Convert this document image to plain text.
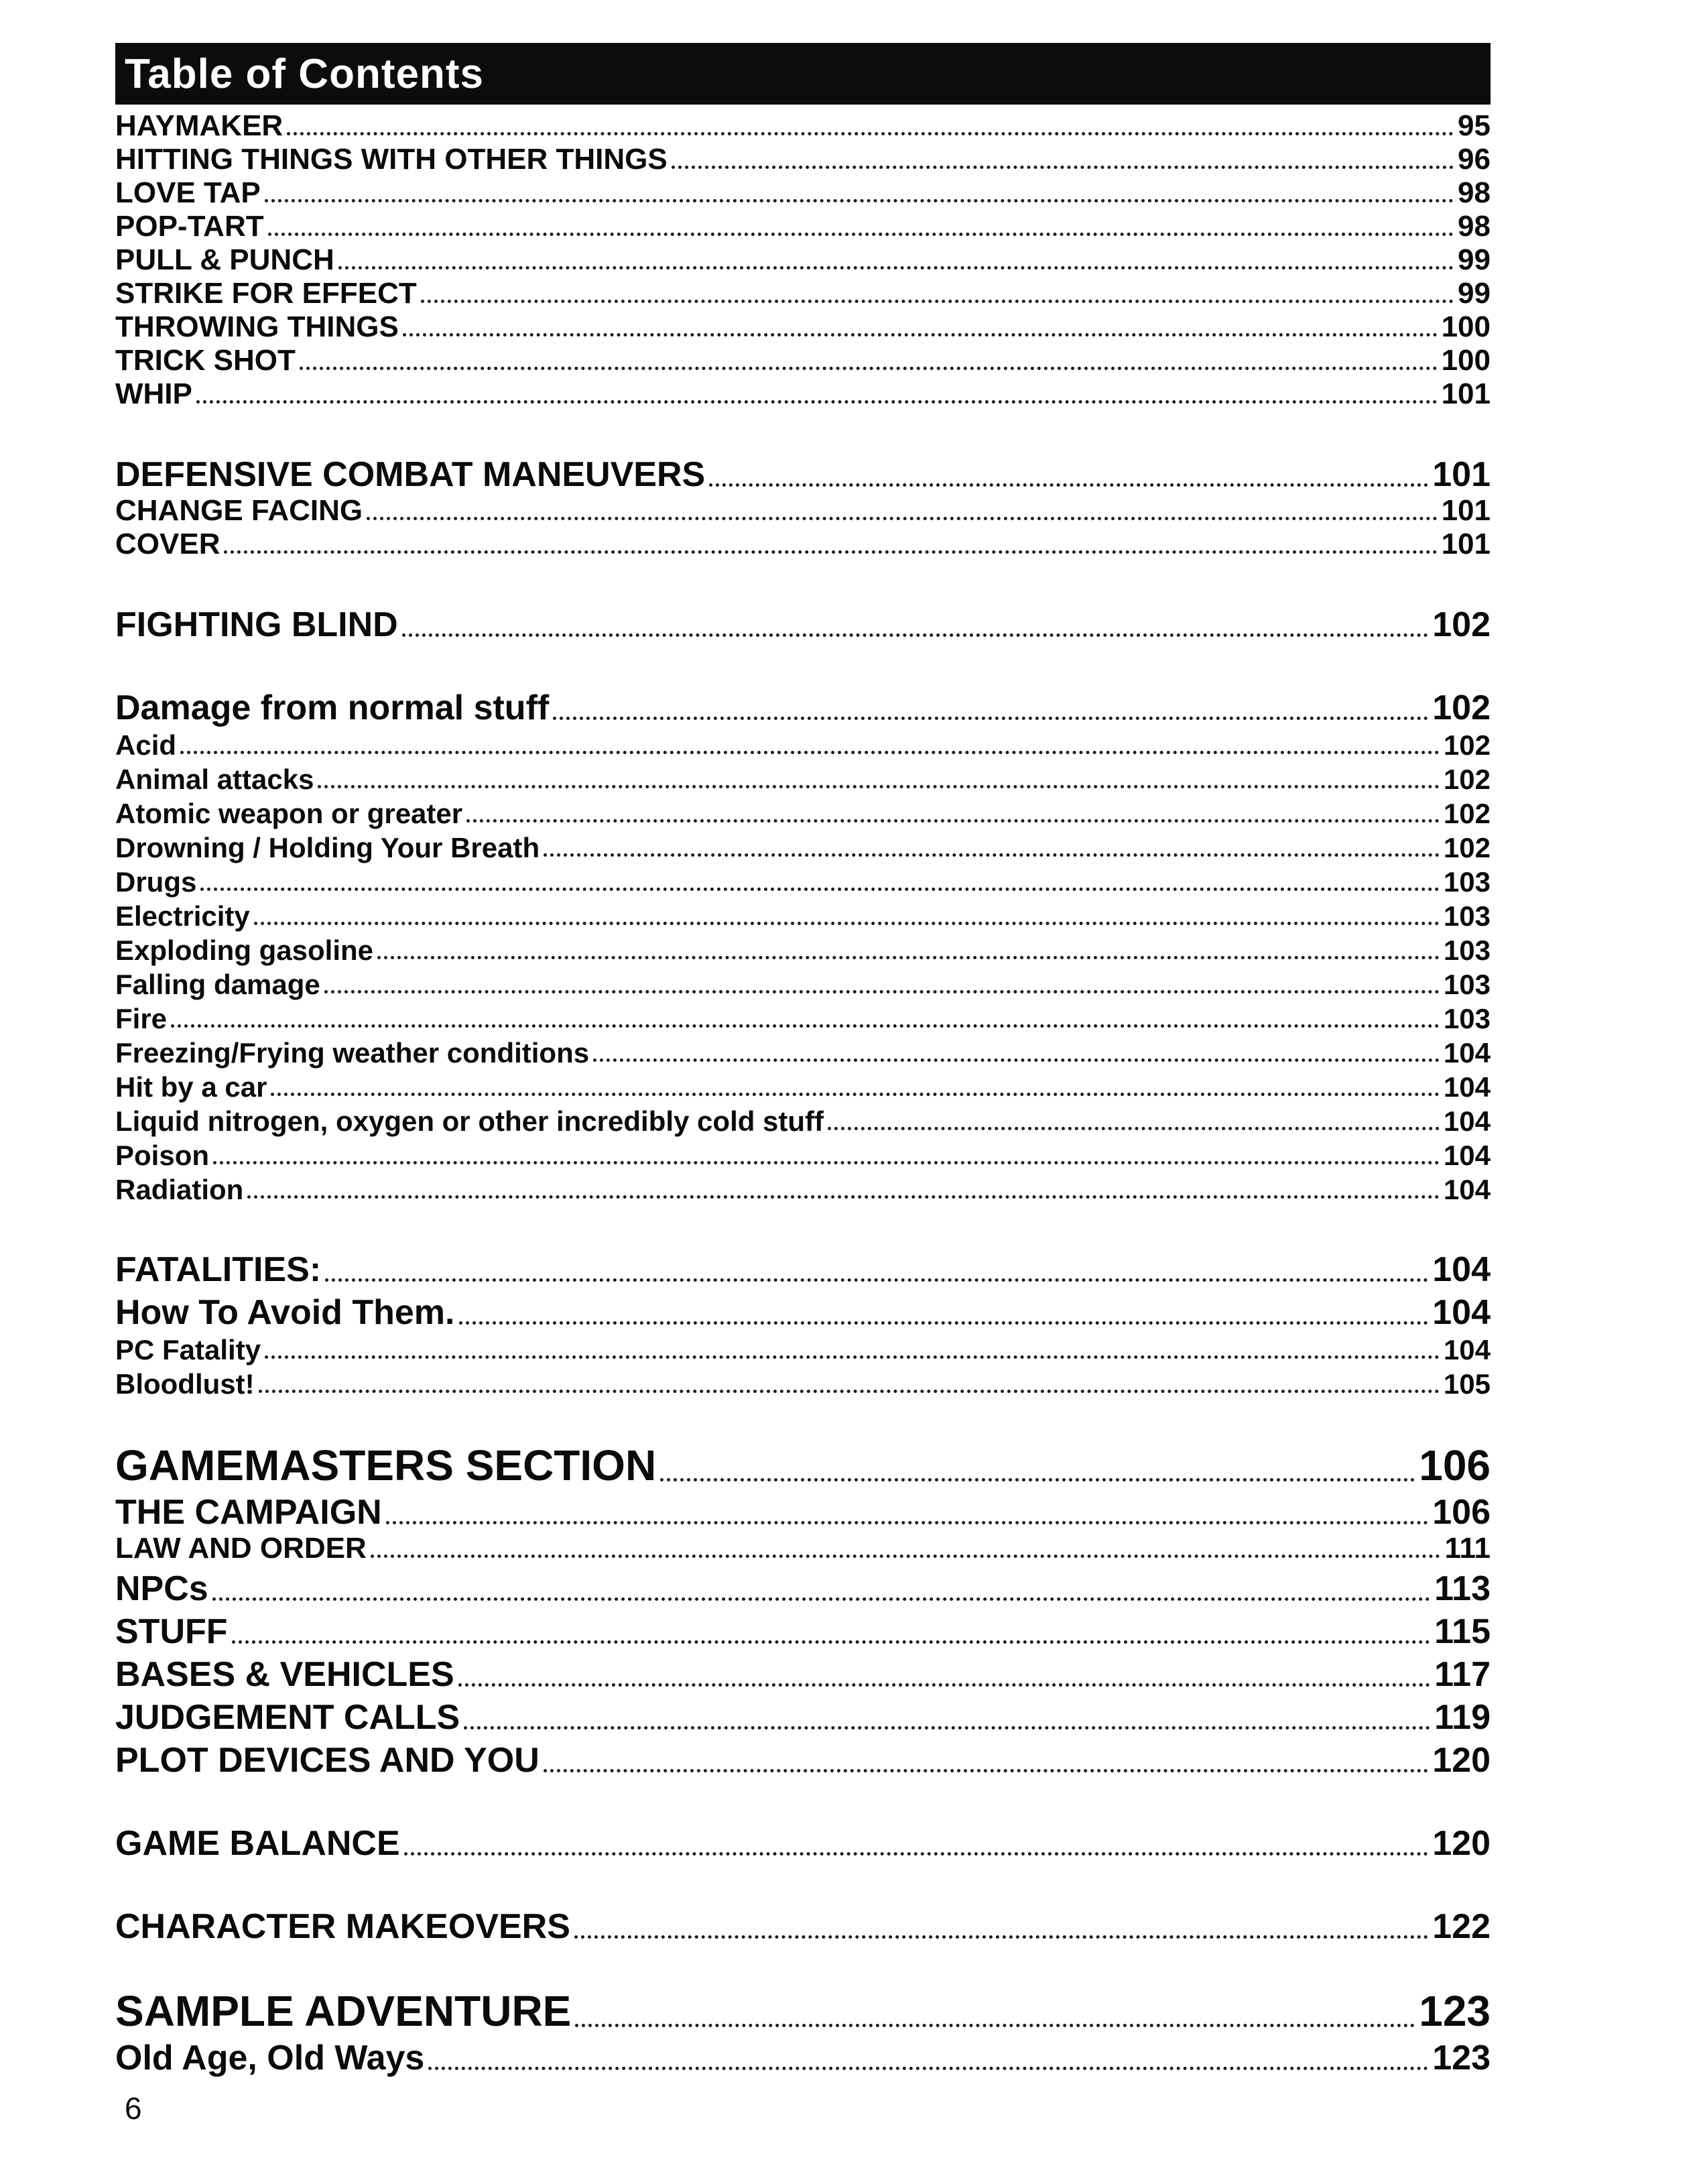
Table of Contents
HAYMAKER	95
HITTING THINGS WITH OTHER THINGS	96
LOVE TAP	98
POP-TART	98
PULL & PUNCH	99
STRIKE FOR EFFECT	99
THROWING THINGS	100
TRICK SHOT	100
WHIP	101
DEFENSIVE COMBAT MANEUVERS	101
CHANGE FACING	101
COVER	101
FIGHTING BLIND	102
Damage from normal stuff	102
Acid	102
Animal attacks	102
Atomic weapon or greater	102
Drowning / Holding Your Breath	102
Drugs	103
Electricity	103
Exploding gasoline	103
Falling damage	103
Fire	103
Freezing/Frying weather conditions	104
Hit by a car	104
Liquid nitrogen, oxygen or other incredibly cold stuff	104
Poison	104
Radiation	104
FATALITIES:	104
How To Avoid Them.	104
PC Fatality	104
Bloodlust!	105
GAMEMASTERS SECTION	106
THE CAMPAIGN	106
LAW AND ORDER	111
NPCs	113
STUFF	115
BASES & VEHICLES	117
JUDGEMENT CALLS	119
PLOT DEVICES AND YOU	120
GAME BALANCE	120
CHARACTER MAKEOVERS	122
SAMPLE ADVENTURE	123
Old Age, Old Ways	123
6
